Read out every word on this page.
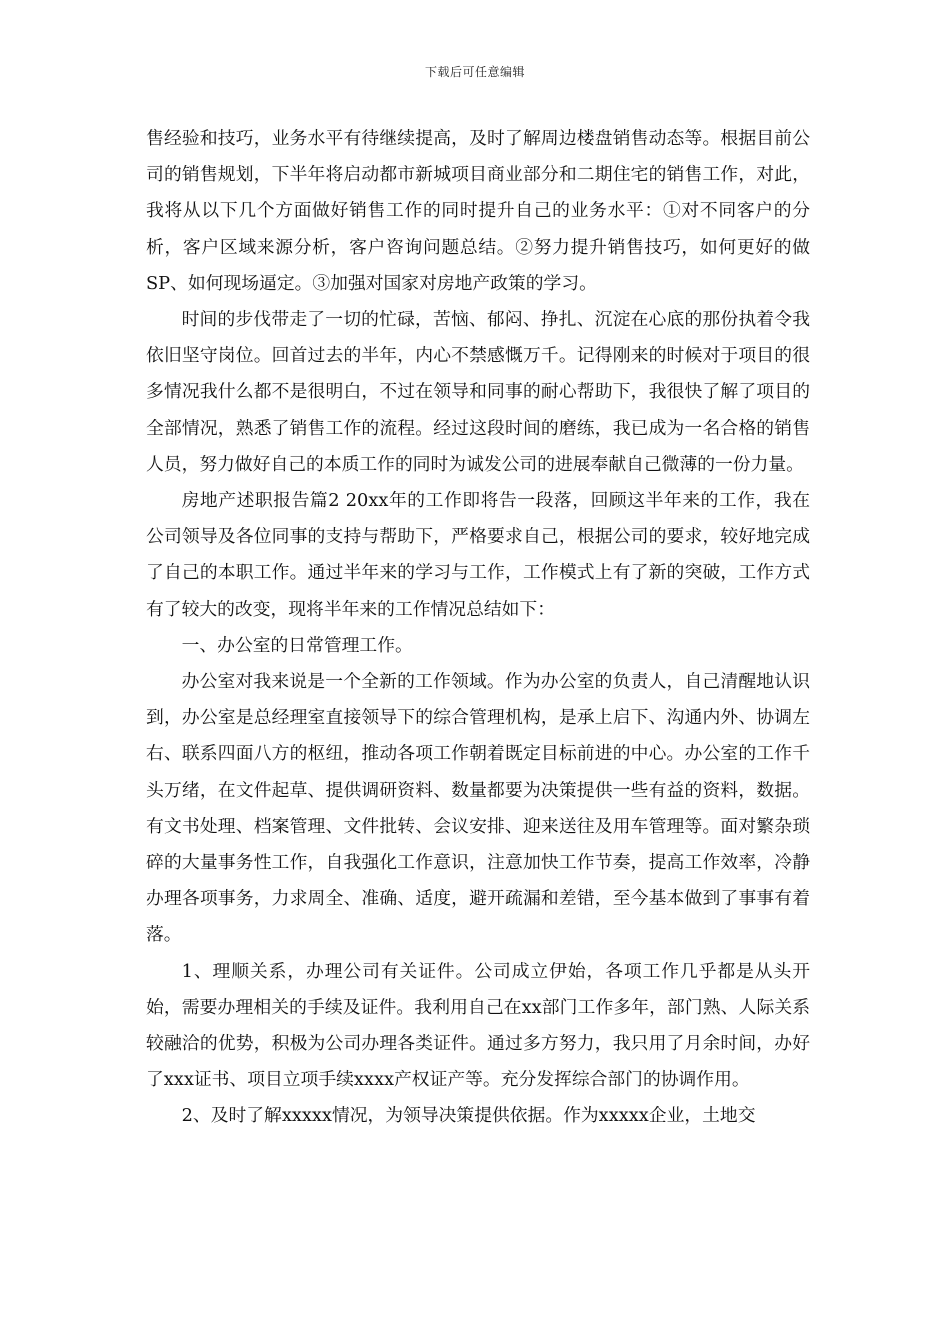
下载后可任意编辑

售经验和技巧，业务水平有待继续提高，及时了解周边楼盘销售动态等。根据目前公司的销售规划，下半年将启动都市新城项目商业部分和二期住宅的销售工作，对此，我将从以下几个方面做好销售工作的同时提升自己的业务水平：①对不同客户的分析，客户区域来源分析，客户咨询问题总结。②努力提升销售技巧，如何更好的做SP、如何现场逼定。③加强对国家对房地产政策的学习。

时间的步伐带走了一切的忙碌，苦恼、郁闷、挣扎、沉淀在心底的那份执着令我依旧坚守岗位。回首过去的半年，内心不禁感慨万千。记得刚来的时候对于项目的很多情况我什么都不是很明白，不过在领导和同事的耐心帮助下，我很快了解了项目的全部情况，熟悉了销售工作的流程。经过这段时间的磨练，我已成为一名合格的销售人员，努力做好自己的本质工作的同时为诚发公司的进展奉献自己微薄的一份力量。

房地产述职报告篇2 20xx年的工作即将告一段落，回顾这半年来的工作，我在公司领导及各位同事的支持与帮助下，严格要求自己，根据公司的要求，较好地完成了自己的本职工作。通过半年来的学习与工作，工作模式上有了新的突破，工作方式有了较大的改变，现将半年来的工作情况总结如下：

一、办公室的日常管理工作。

办公室对我来说是一个全新的工作领域。作为办公室的负责人，自己清醒地认识到，办公室是总经理室直接领导下的综合管理机构，是承上启下、沟通内外、协调左右、联系四面八方的枢纽，推动各项工作朝着既定目标前进的中心。办公室的工作千头万绪，在文件起草、提供调研资料、数量都要为决策提供一些有益的资料，数据。有文书处理、档案管理、文件批转、会议安排、迎来送往及用车管理等。面对繁杂琐碎的大量事务性工作，自我强化工作意识，注意加快工作节奏，提高工作效率，冷静办理各项事务，力求周全、准确、适度，避开疏漏和差错，至今基本做到了事事有着落。

1、理顺关系，办理公司有关证件。公司成立伊始，各项工作几乎都是从头开始，需要办理相关的手续及证件。我利用自己在xx部门工作多年，部门熟、人际关系较融洽的优势，积极为公司办理各类证件。通过多方努力，我只用了月余时间，办好了xxx证书、项目立项手续xxxx产权证产等。充分发挥综合部门的协调作用。

2、及时了解xxxxx情况，为领导决策提供依据。作为xxxxx企业，土地交
